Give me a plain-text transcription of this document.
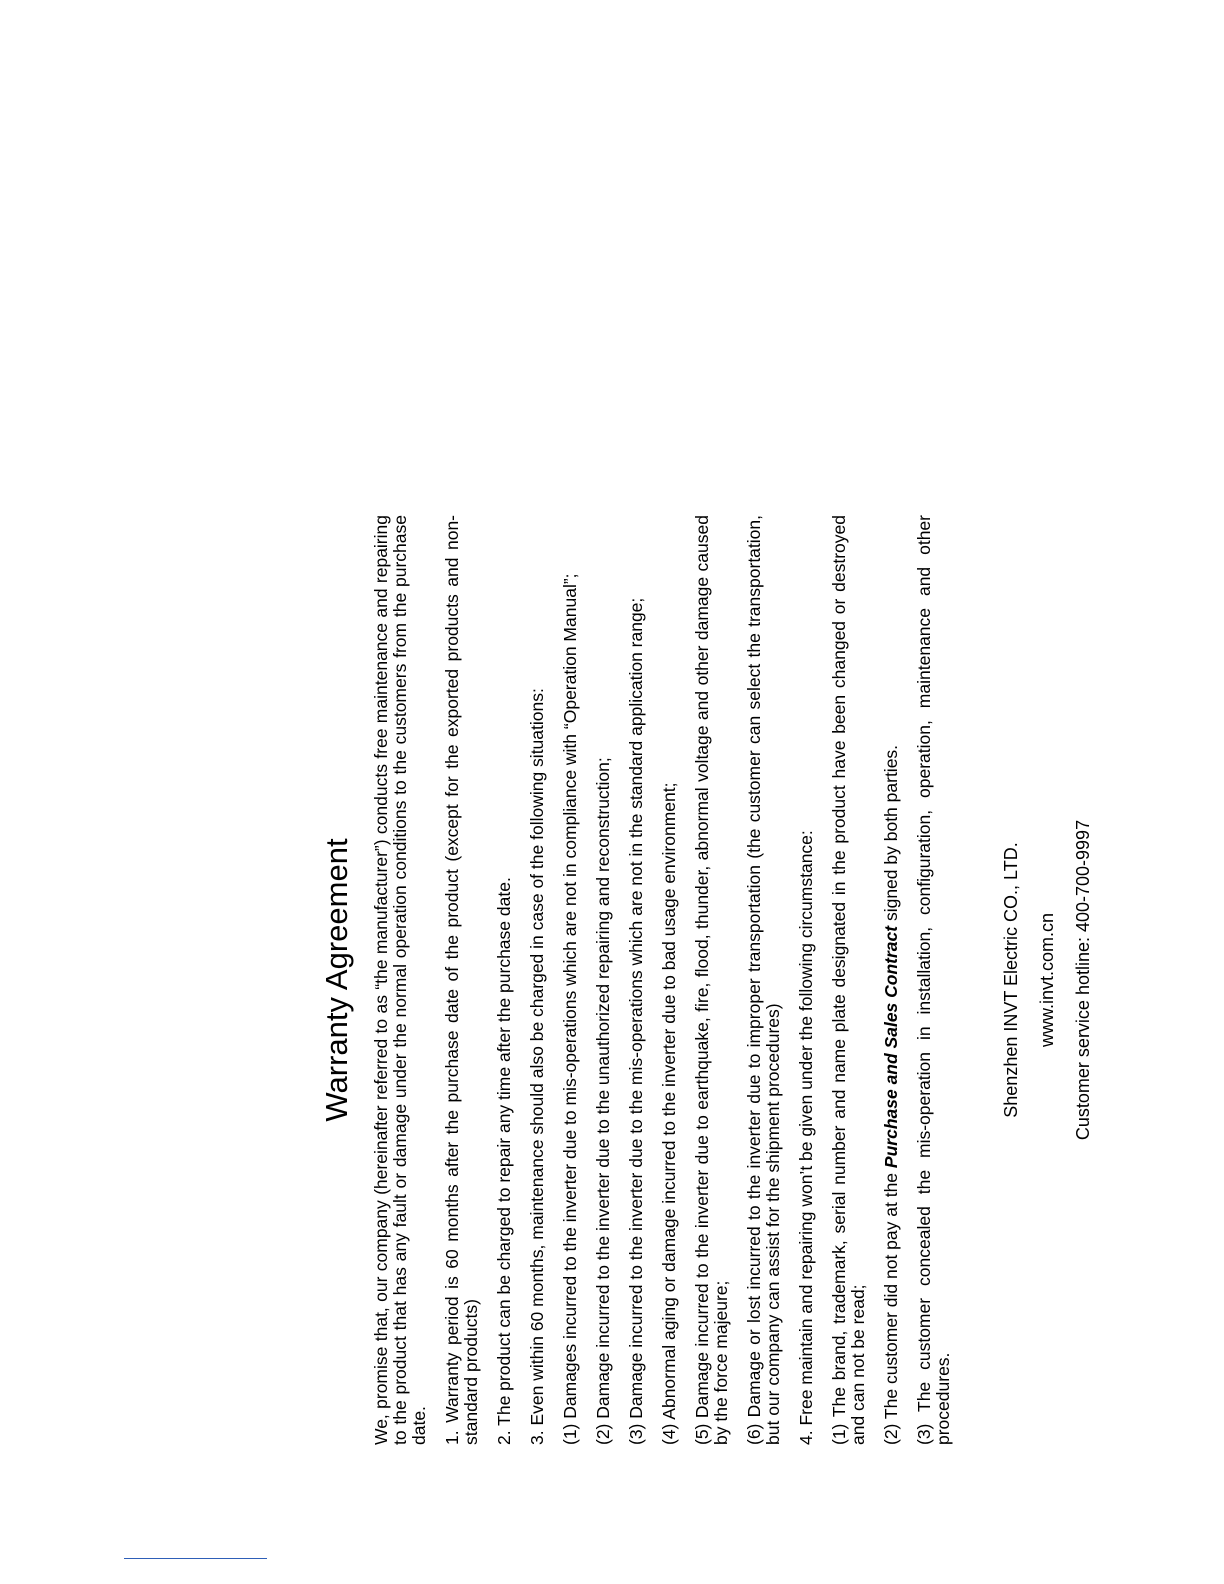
Warranty Agreement We, promise that, our company (hereinafter referred to as “the manufacturer”) conducts free maintenance and repairing to the product that has any fault or damage under the normal operation conditions to the customers from the purchase date. 1. Warranty period is 60 months after the purchase date of the product (except for the exported products and non-standard products) 2. The product can be charged to repair any time after the purchase date. 3. Even within 60 months, maintenance should also be charged in case of the following situations: (1) Damages incurred to the inverter due to mis-operations which are not in compliance with “Operation Manual”; (2) Damage incurred to the inverter due to the unauthorized repairing and reconstruction; (3) Damage incurred to the inverter due to the mis-operations which are not in the standard application range; (4) Abnormal aging or damage incurred to the inverter due to bad usage environment; (5) Damage incurred to the inverter due to earthquake, fire, flood, thunder, abnormal voltage and other damage caused by the force majeure; (6) Damage or lost incurred to the inverter due to improper transportation (the customer can select the transportation, but our company can assist for the shipment procedures) 4. Free maintain and repairing won’t be given under the following circumstance: (1) The brand, trademark, serial number and name plate designated in the product have been changed or destroyed and can not be read; (2) The customer did not pay at the Purchase and Sales Contract signed by both parties. (3) The customer concealed the mis-operation in installation, configuration, operation, maintenance and other procedures.

Shenzhen INVT Electric CO., LTD. www.invt.com.cn Customer service hotline: 400-700-9997
